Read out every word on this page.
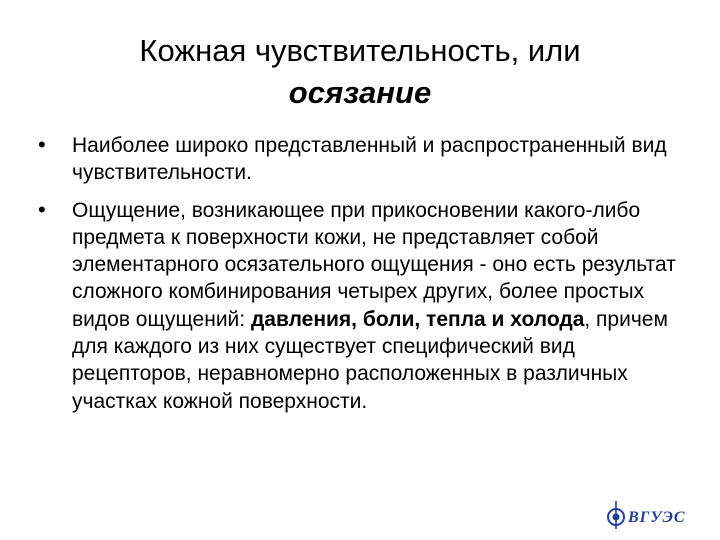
Кожная чувствительность, или
осязание
• Наиболее широко представленный и распространенный вид чувствительности.
• Ощущение, возникающее при прикосновении какого-либо предмета к поверхности кожи, не представляет собой элементарного осязательного ощущения - оно есть результат сложного комбинирования четырех других, более простых видов ощущений: давления, боли, тепла и холода, причем для каждого из них существует специфический вид рецепторов, неравномерно расположенных в различных участках кожной поверхности.
ВГУЭС
